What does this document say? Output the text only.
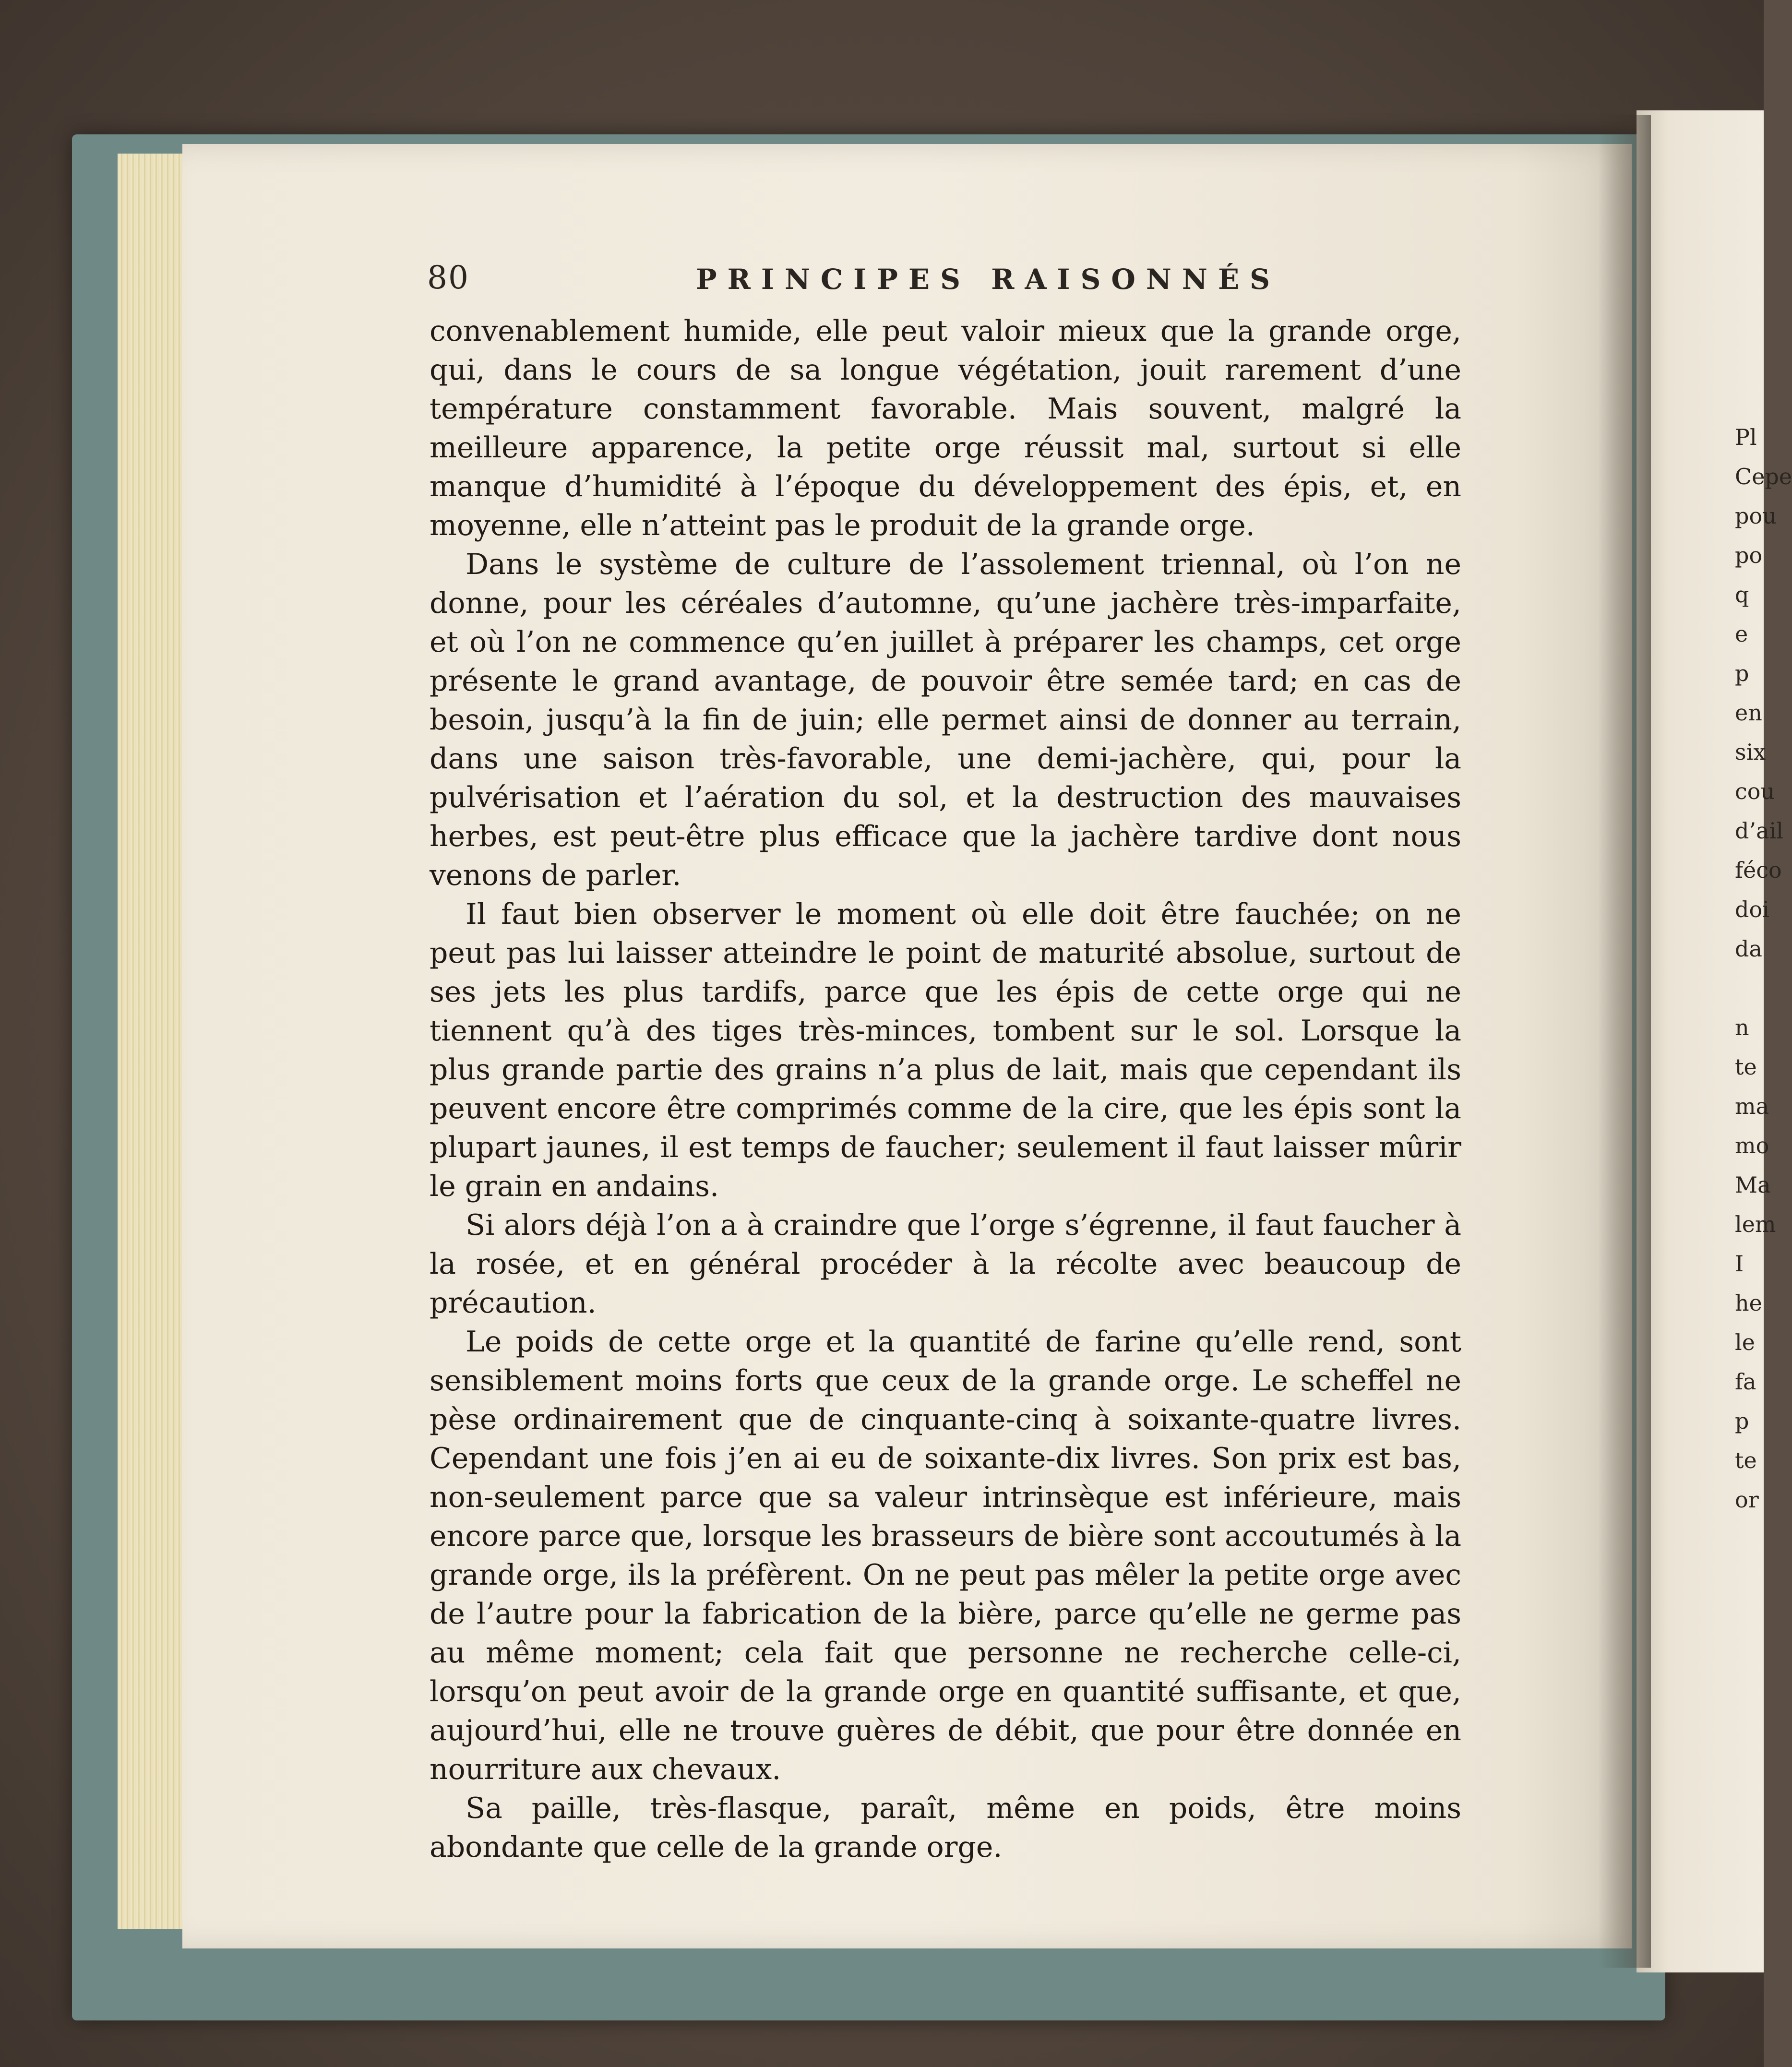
80	PRINCIPES RAISONNÉS

convenablement humide, elle peut valoir mieux que la grande orge, qui, dans le cours de sa longue végétation, jouit rarement d’une température constamment favorable. Mais souvent, malgré la meilleure apparence, la petite orge réussit mal, surtout si elle manque d’humidité à l’époque du développement des épis, et, en moyenne, elle n’atteint pas le produit de la grande orge.

Dans le système de culture de l’assolement triennal, où l’on ne donne, pour les céréales d’automne, qu’une jachère très-imparfaite, et où l’on ne commence qu’en juillet à préparer les champs, cet orge présente le grand avantage, de pouvoir être semée tard; en cas de besoin, jusqu’à la fin de juin; elle permet ainsi de donner au terrain, dans une saison très-favorable, une demi-jachère, qui, pour la pulvérisation et l’aération du sol, et la destruction des mauvaises herbes, est peut-être plus efficace que la jachère tardive dont nous venons de parler.

Il faut bien observer le moment où elle doit être fauchée; on ne peut pas lui laisser atteindre le point de maturité absolue, surtout de ses jets les plus tardifs, parce que les épis de cette orge qui ne tiennent qu’à des tiges très-minces, tombent sur le sol. Lorsque la plus grande partie des grains n’a plus de lait, mais que cependant ils peuvent encore être comprimés comme de la cire, que les épis sont la plupart jaunes, il est temps de faucher; seulement il faut laisser mûrir le grain en andains.

Si alors déjà l’on a à craindre que l’orge s’égrenne, il faut faucher à la rosée, et en général procéder à la récolte avec beaucoup de précaution.

Le poids de cette orge et la quantité de farine qu’elle rend, sont sensiblement moins forts que ceux de la grande orge. Le scheffel ne pèse ordinairement que de cinquante-cinq à soixante-quatre livres. Cependant une fois j’en ai eu de soixante-dix livres. Son prix est bas, non-seulement parce que sa valeur intrinsèque est inférieure, mais encore parce que, lorsque les brasseurs de bière sont accoutumés à la grande orge, ils la préfèrent. On ne peut pas mêler la petite orge avec de l’autre pour la fabrication de la bière, parce qu’elle ne germe pas au même moment; cela fait que personne ne recherche celle-ci, lorsqu’on peut avoir de la grande orge en quantité suffisante, et que, aujourd’hui, elle ne trouve guères de débit, que pour être donnée en nourriture aux chevaux.

Sa paille, très-flasque, paraît, même en poids, être moins abondante que celle de la grande orge.

Pl
Cepe
pou
po
q
e
p
en
six
cou
d’ail
féco
doi
da
n
te
ma
mo
Ma
lem
I
he
le
fa
p
te
or
